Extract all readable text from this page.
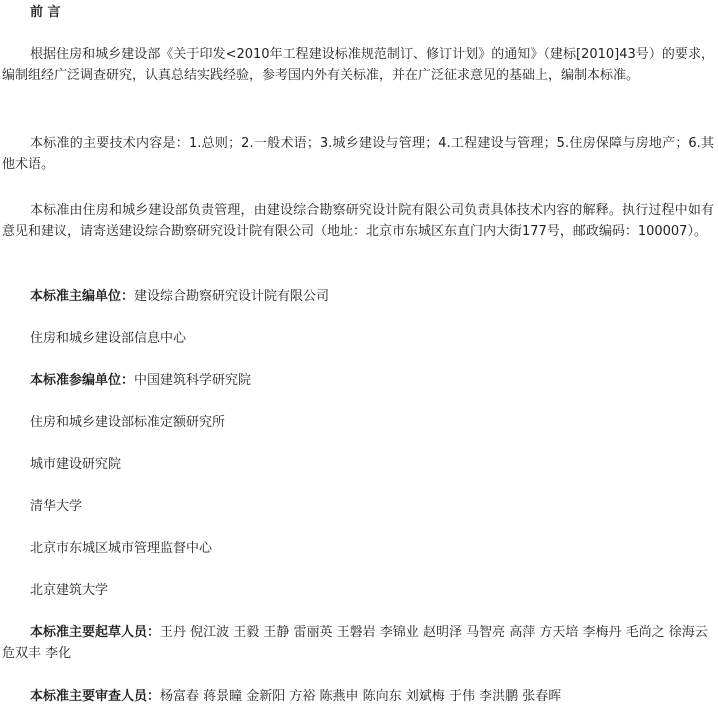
前 言

根据住房和城乡建设部《关于印发<2010年工程建设标准规范制订、修订计划》的通知》（建标[2010]43号）的要求，编制组经广泛调查研究，认真总结实践经验，参考国内外有关标准，并在广泛征求意见的基础上，编制本标准。

本标准的主要技术内容是：1.总则；2.一般术语；3.城乡建设与管理；4.工程建设与管理；5.住房保障与房地产；6.其他术语。

本标准由住房和城乡建设部负责管理，由建设综合勘察研究设计院有限公司负责具体技术内容的解释。执行过程中如有意见和建议，请寄送建设综合勘察研究设计院有限公司（地址：北京市东城区东直门内大街177号，邮政编码：100007）。

本标准主编单位：建设综合勘察研究设计院有限公司

住房和城乡建设部信息中心

本标准参编单位：中国建筑科学研究院

住房和城乡建设部标准定额研究所

城市建设研究院

清华大学

北京市东城区城市管理监督中心

北京建筑大学

本标准主要起草人员：王丹 倪江波 王毅 王静 雷丽英 王磐岩 李锦业 赵明泽 马智亮 高萍 方天培 李梅丹 毛尚之 徐海云 危双丰 李化

本标准主要审查人员：杨富春 蒋景瞳 金新阳 方裕 陈燕申 陈向东 刘斌梅 于伟 李洪鹏 张春晖
